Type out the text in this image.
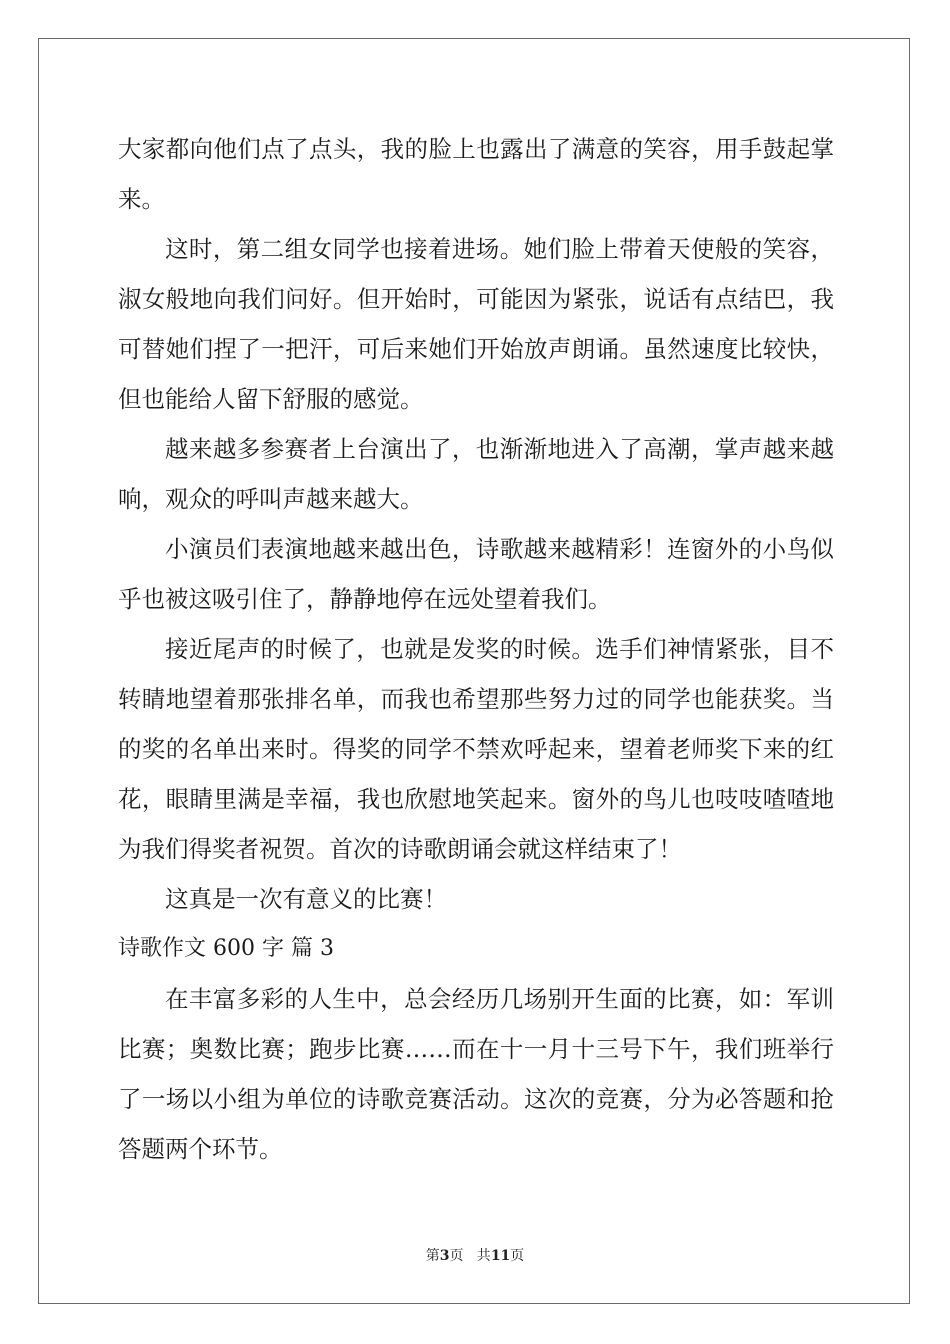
大家都向他们点了点头，我的脸上也露出了满意的笑容，用手鼓起掌
来。
这时，第二组女同学也接着进场。她们脸上带着天使般的笑容，
淑女般地向我们问好。但开始时，可能因为紧张，说话有点结巴，我
可替她们捏了一把汗，可后来她们开始放声朗诵。虽然速度比较快，
但也能给人留下舒服的感觉。
越来越多参赛者上台演出了，也渐渐地进入了高潮，掌声越来越
响，观众的呼叫声越来越大。
小演员们表演地越来越出色，诗歌越来越精彩！连窗外的小鸟似
乎也被这吸引住了，静静地停在远处望着我们。
接近尾声的时候了，也就是发奖的时候。选手们神情紧张，目不
转睛地望着那张排名单，而我也希望那些努力过的同学也能获奖。当
的奖的名单出来时。得奖的同学不禁欢呼起来，望着老师奖下来的红
花，眼睛里满是幸福，我也欣慰地笑起来。窗外的鸟儿也吱吱喳喳地
为我们得奖者祝贺。首次的诗歌朗诵会就这样结束了！
这真是一次有意义的比赛！
诗歌作文 600 字 篇 3
在丰富多彩的人生中，总会经历几场别开生面的比赛，如：军训
比赛；奥数比赛；跑步比赛……而在十一月十三号下午，我们班举行
了一场以小组为单位的诗歌竞赛活动。这次的竞赛，分为必答题和抢
答题两个环节。
第3页   共11页
